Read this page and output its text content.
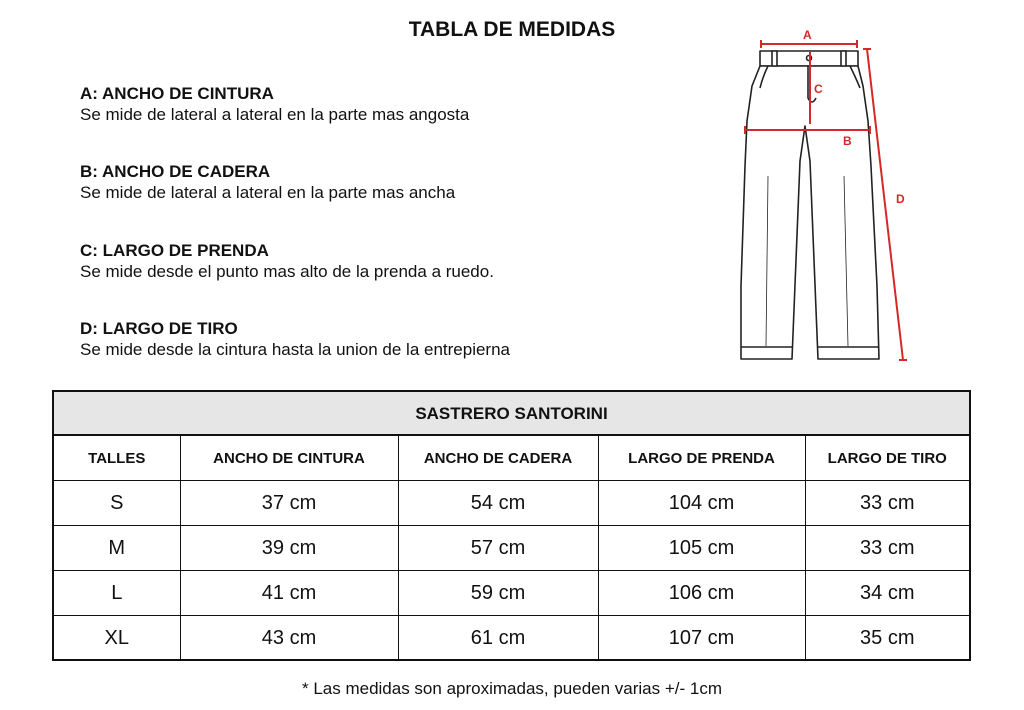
TABLA DE MEDIDAS
A: ANCHO DE CINTURA
Se mide de lateral a lateral en la parte mas angosta
B: ANCHO DE CADERA
Se mide de lateral a lateral en la parte mas ancha
C: LARGO DE PRENDA
Se mide desde el punto mas alto de la prenda a ruedo.
D: LARGO DE TIRO
Se mide desde la cintura hasta la union de la entrepierna
A
B
C
D
SASTRERO SANTORINI
TALLES	ANCHO DE CINTURA	ANCHO DE CADERA	LARGO DE PRENDA	LARGO DE TIRO
S	37 cm	54 cm	104 cm	33 cm
M	39 cm	57 cm	105 cm	33 cm
L	41 cm	59 cm	106 cm	34 cm
XL	43 cm	61 cm	107 cm	35 cm
* Las medidas son aproximadas, pueden varias +/- 1cm
